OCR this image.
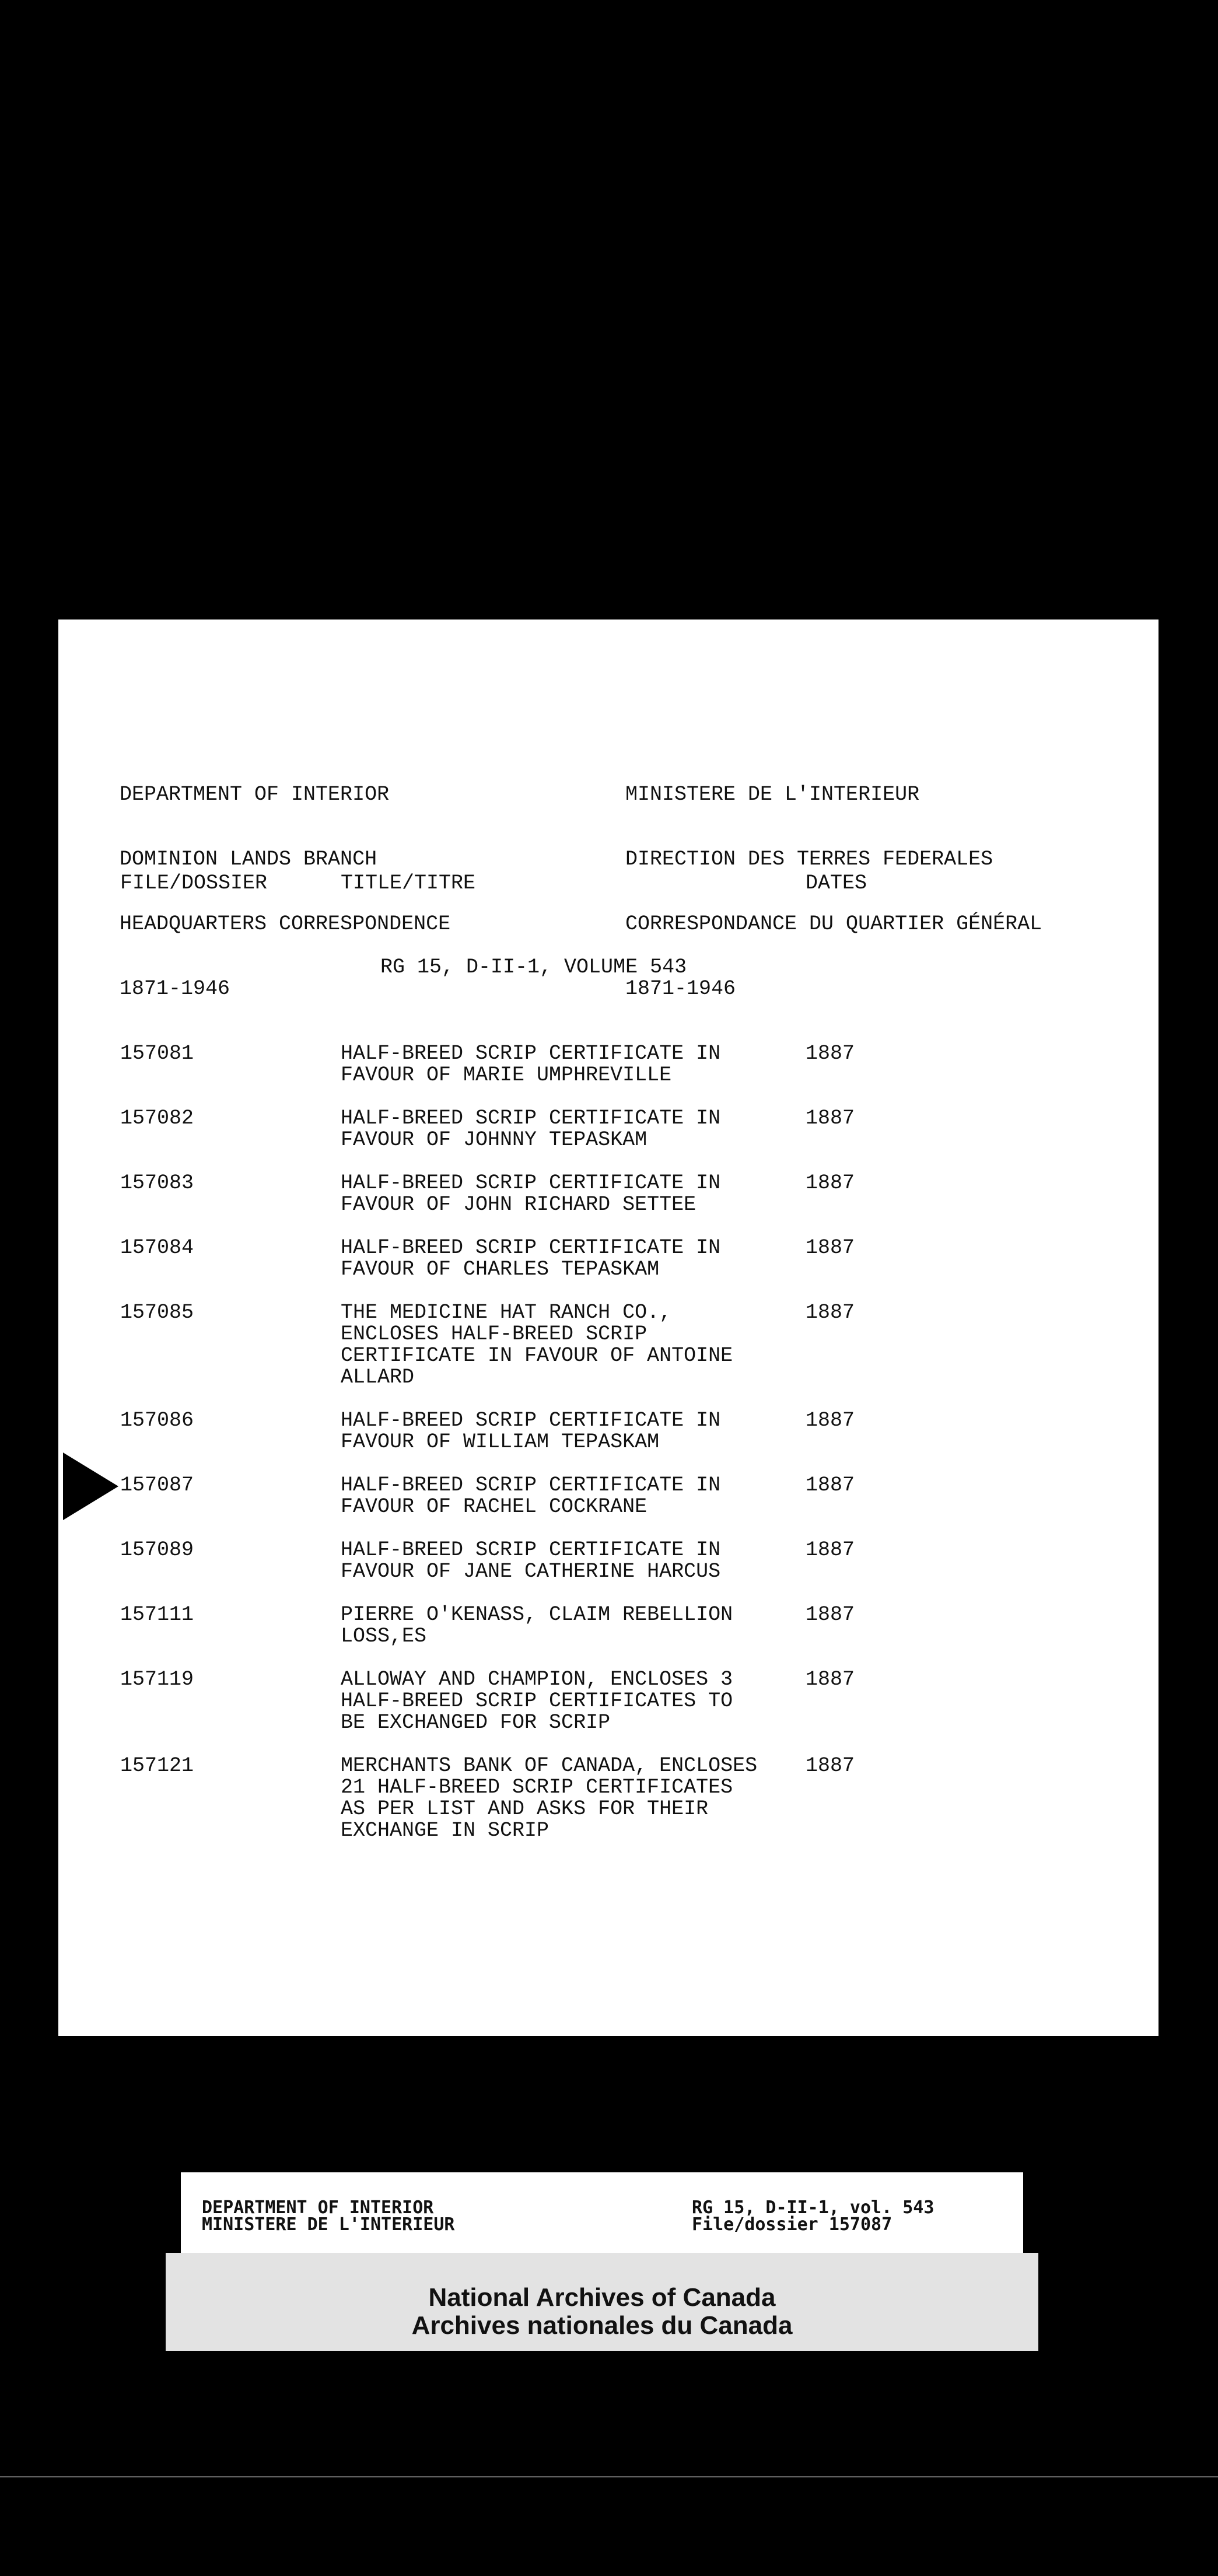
DEPARTMENT OF INTERIOR

DOMINION LANDS BRANCH

HEADQUARTERS CORRESPONDENCE

1871-1946

MINISTERE DE L'INTERIEUR

DIRECTION DES TERRES FEDERALES

CORRESPONDANCE DU QUARTIER GÉNÉRAL

1871-1946

FILE/DOSSIER	TITLE/TITRE	DATES
RG 15, D-II-1, VOLUME 543
157081	HALF-BREED SCRIP CERTIFICATE IN
FAVOUR OF MARIE UMPHREVILLE
1887
157082	HALF-BREED SCRIP CERTIFICATE IN
FAVOUR OF JOHNNY TEPASKAM
1887
157083	HALF-BREED SCRIP CERTIFICATE IN
FAVOUR OF JOHN RICHARD SETTEE
1887
157084	HALF-BREED SCRIP CERTIFICATE IN
FAVOUR OF CHARLES TEPASKAM
1887
157085	THE MEDICINE HAT RANCH CO.,
ENCLOSES HALF-BREED SCRIP
CERTIFICATE IN FAVOUR OF ANTOINE
ALLARD
1887
157086	HALF-BREED SCRIP CERTIFICATE IN
FAVOUR OF WILLIAM TEPASKAM
1887
157087	HALF-BREED SCRIP CERTIFICATE IN
FAVOUR OF RACHEL COCKRANE
1887
157089	HALF-BREED SCRIP CERTIFICATE IN
FAVOUR OF JANE CATHERINE HARCUS
1887
157111	PIERRE O'KENASS, CLAIM REBELLION
LOSS,ES
1887
157119	ALLOWAY AND CHAMPION, ENCLOSES 3
HALF-BREED SCRIP CERTIFICATES TO
BE EXCHANGED FOR SCRIP
1887
157121	MERCHANTS BANK OF CANADA, ENCLOSES
21 HALF-BREED SCRIP CERTIFICATES
AS PER LIST AND ASKS FOR THEIR
EXCHANGE IN SCRIP
1887
DEPARTMENT OF INTERIOR
MINISTERE DE L'INTERIEUR
RG 15, D-II-1, vol. 543
File/dossier 157087
National Archives of Canada
Archives nationales du Canada
